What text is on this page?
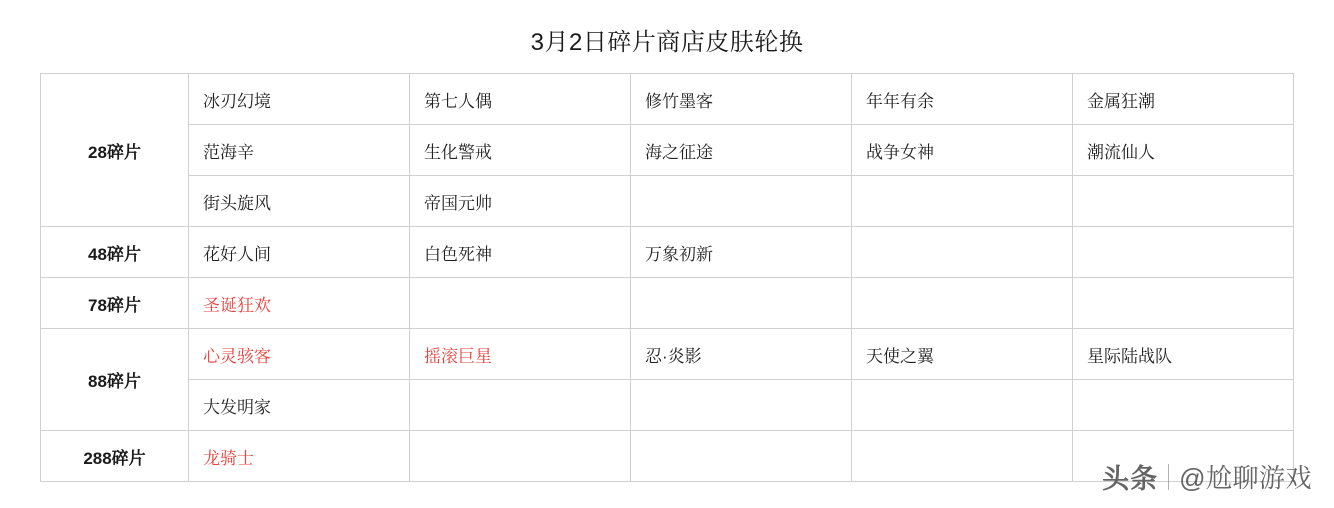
3月2日碎片商店皮肤轮换
28碎片	冰刃幻境	第七人偶	修竹墨客	年年有余	金属狂潮
	范海辛	生化警戒	海之征途	战争女神	潮流仙人
	街头旋风	帝国元帅			
48碎片	花好人间	白色死神	万象初新		
78碎片	圣诞狂欢				
88碎片	心灵骇客	摇滚巨星	忍·炎影	天使之翼	星际陆战队
	大发明家				
288碎片	龙骑士				
头条 @尬聊游戏
